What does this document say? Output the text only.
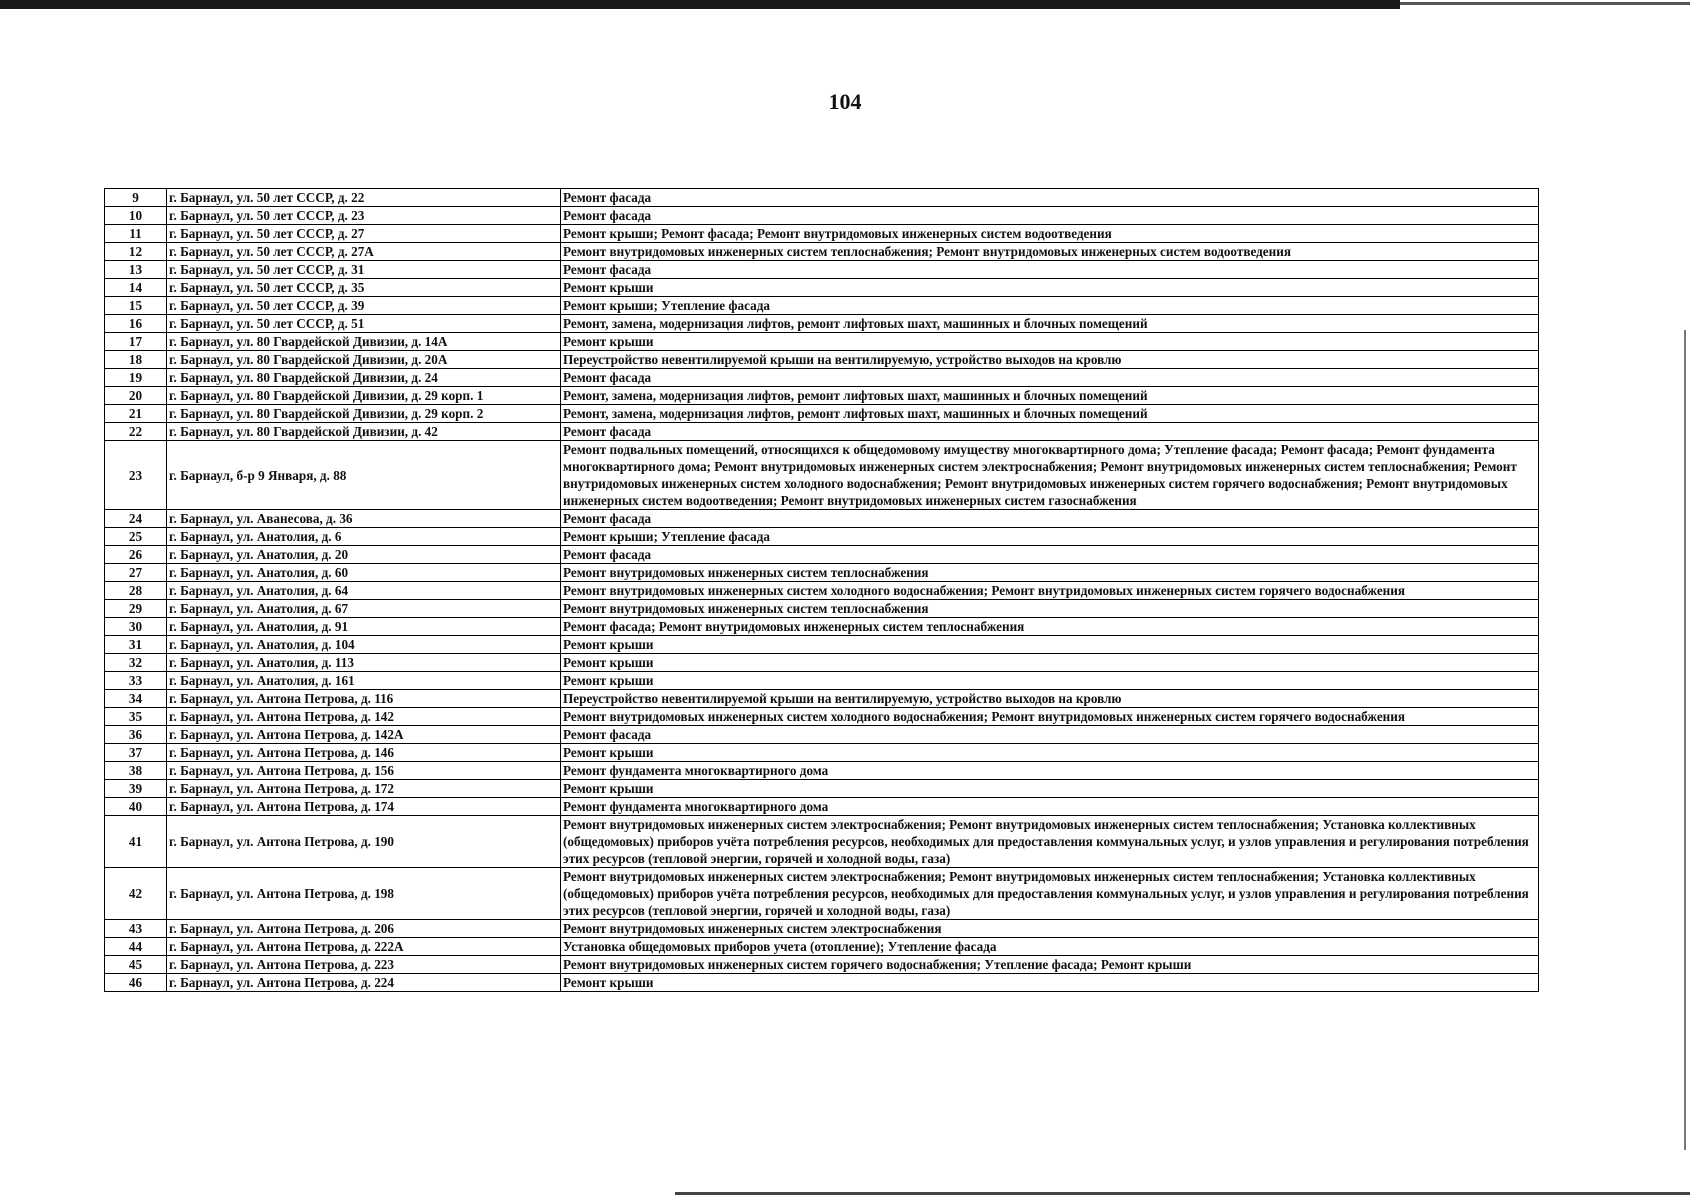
104
9	г. Барнаул, ул. 50 лет СССР, д. 22	Ремонт фасада
10	г. Барнаул, ул. 50 лет СССР, д. 23	Ремонт фасада
11	г. Барнаул, ул. 50 лет СССР, д. 27	Ремонт крыши; Ремонт фасада; Ремонт внутридомовых инженерных систем водоотведения
12	г. Барнаул, ул. 50 лет СССР, д. 27А	Ремонт внутридомовых инженерных систем теплоснабжения; Ремонт внутридомовых инженерных систем водоотведения
13	г. Барнаул, ул. 50 лет СССР, д. 31	Ремонт фасада
14	г. Барнаул, ул. 50 лет СССР, д. 35	Ремонт крыши
15	г. Барнаул, ул. 50 лет СССР, д. 39	Ремонт крыши; Утепление фасада
16	г. Барнаул, ул. 50 лет СССР, д. 51	Ремонт, замена, модернизация лифтов, ремонт лифтовых шахт, машинных и блочных помещений
17	г. Барнаул, ул. 80 Гвардейской Дивизии, д. 14А	Ремонт крыши
18	г. Барнаул, ул. 80 Гвардейской Дивизии, д. 20А	Переустройство невентилируемой крыши на вентилируемую, устройство выходов на кровлю
19	г. Барнаул, ул. 80 Гвардейской Дивизии, д. 24	Ремонт фасада
20	г. Барнаул, ул. 80 Гвардейской Дивизии, д. 29 корп. 1	Ремонт, замена, модернизация лифтов, ремонт лифтовых шахт, машинных и блочных помещений
21	г. Барнаул, ул. 80 Гвардейской Дивизии, д. 29 корп. 2	Ремонт, замена, модернизация лифтов, ремонт лифтовых шахт, машинных и блочных помещений
22	г. Барнаул, ул. 80 Гвардейской Дивизии, д. 42	Ремонт фасада
23	г. Барнаул, б-р 9 Января, д. 88	Ремонт подвальных помещений, относящихся к общедомовому имуществу многоквартирного дома; Утепление фасада; Ремонт фасада; Ремонт фундамента многоквартирного дома; Ремонт внутридомовых инженерных систем электроснабжения; Ремонт внутридомовых инженерных систем теплоснабжения; Ремонт внутридомовых инженерных систем холодного водоснабжения; Ремонт внутридомовых инженерных систем горячего водоснабжения; Ремонт внутридомовых инженерных систем водоотведения; Ремонт внутридомовых инженерных систем газоснабжения
24	г. Барнаул, ул. Аванесова, д. 36	Ремонт фасада
25	г. Барнаул, ул. Анатолия, д. 6	Ремонт крыши; Утепление фасада
26	г. Барнаул, ул. Анатолия, д. 20	Ремонт фасада
27	г. Барнаул, ул. Анатолия, д. 60	Ремонт внутридомовых инженерных систем теплоснабжения
28	г. Барнаул, ул. Анатолия, д. 64	Ремонт внутридомовых инженерных систем холодного водоснабжения; Ремонт внутридомовых инженерных систем горячего водоснабжения
29	г. Барнаул, ул. Анатолия, д. 67	Ремонт внутридомовых инженерных систем теплоснабжения
30	г. Барнаул, ул. Анатолия, д. 91	Ремонт фасада; Ремонт внутридомовых инженерных систем теплоснабжения
31	г. Барнаул, ул. Анатолия, д. 104	Ремонт крыши
32	г. Барнаул, ул. Анатолия, д. 113	Ремонт крыши
33	г. Барнаул, ул. Анатолия, д. 161	Ремонт крыши
34	г. Барнаул, ул. Антона Петрова, д. 116	Переустройство невентилируемой крыши на вентилируемую, устройство выходов на кровлю
35	г. Барнаул, ул. Антона Петрова, д. 142	Ремонт внутридомовых инженерных систем холодного водоснабжения; Ремонт внутридомовых инженерных систем горячего водоснабжения
36	г. Барнаул, ул. Антона Петрова, д. 142А	Ремонт фасада
37	г. Барнаул, ул. Антона Петрова, д. 146	Ремонт крыши
38	г. Барнаул, ул. Антона Петрова, д. 156	Ремонт фундамента многоквартирного дома
39	г. Барнаул, ул. Антона Петрова, д. 172	Ремонт крыши
40	г. Барнаул, ул. Антона Петрова, д. 174	Ремонт фундамента многоквартирного дома
41	г. Барнаул, ул. Антона Петрова, д. 190	Ремонт внутридомовых инженерных систем электроснабжения; Ремонт внутридомовых инженерных систем теплоснабжения; Установка коллективных (общедомовых) приборов учёта потребления ресурсов, необходимых для предоставления коммунальных услуг, и узлов управления и регулирования потребления этих ресурсов (тепловой энергии, горячей и холодной воды, газа)
42	г. Барнаул, ул. Антона Петрова, д. 198	Ремонт внутридомовых инженерных систем электроснабжения; Ремонт внутридомовых инженерных систем теплоснабжения; Установка коллективных (общедомовых) приборов учёта потребления ресурсов, необходимых для предоставления коммунальных услуг, и узлов управления и регулирования потребления этих ресурсов (тепловой энергии, горячей и холодной воды, газа)
43	г. Барнаул, ул. Антона Петрова, д. 206	Ремонт внутридомовых инженерных систем электроснабжения
44	г. Барнаул, ул. Антона Петрова, д. 222А	Установка общедомовых приборов учета (отопление); Утепление фасада
45	г. Барнаул, ул. Антона Петрова, д. 223	Ремонт внутридомовых инженерных систем горячего водоснабжения; Утепление фасада; Ремонт крыши
46	г. Барнаул, ул. Антона Петрова, д. 224	Ремонт крыши
